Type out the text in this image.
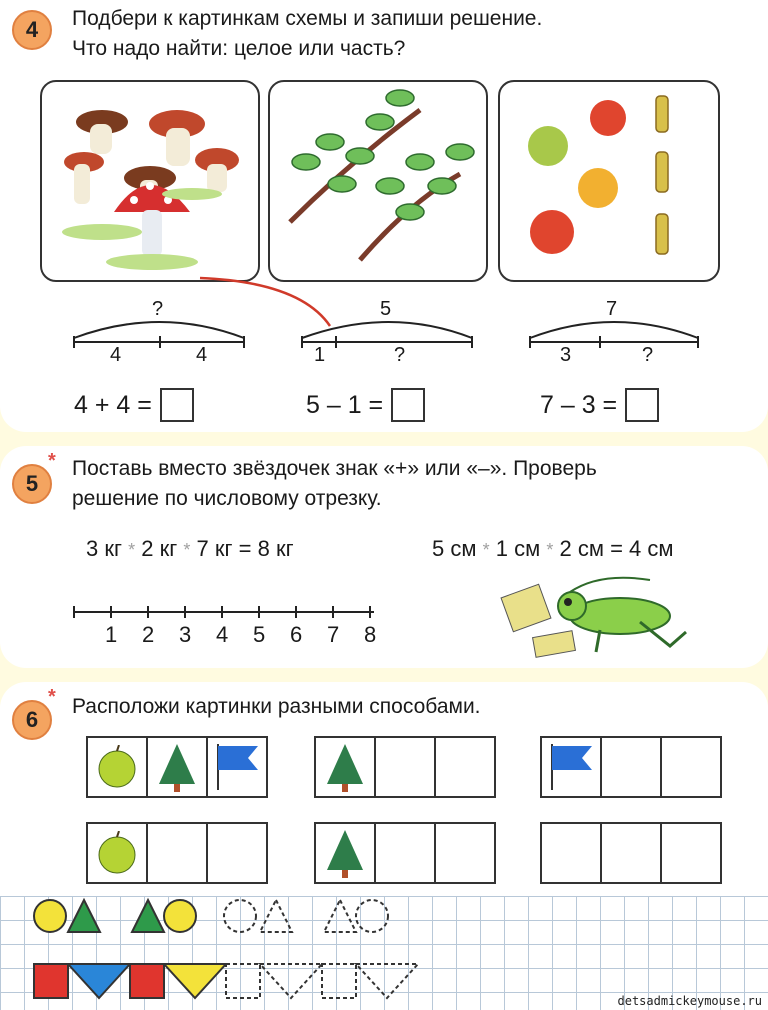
4 Подбери к картинкам схемы и запиши решение.
Что надо найти: целое или часть?
?
4	4
5
1	?
7
3	?
4 + 4 =	5 – 1 =	7 – 3 =
5
* Поставь вместо звёздочек знак «+» или «–». Проверь
решение по числовому отрезку.
3 кг * 2 кг * 7 кг = 8 кг	5 см * 1 см * 2 см = 4 см
1 2 3 4 5 6 7 8
6
* Расположи картинки разными способами.
detsadmickeymouse.ru
